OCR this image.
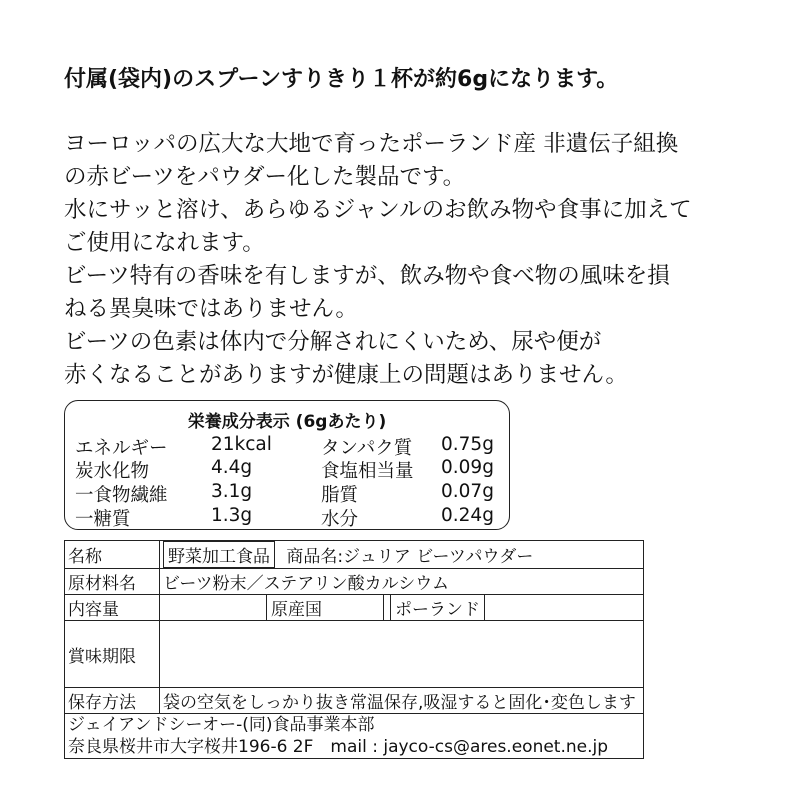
付属(袋内)のスプーンすりきり１杯が約6gになります。

ヨーロッパの広大な大地で育ったポーランド産 非遺伝子組換

の赤ビーツをパウダー化した製品です。

水にサッと溶け、あらゆるジャンルのお飲み物や食事に加えて

ご使用になれます。

ビーツ特有の香味を有しますが、飲み物や食べ物の風味を損

ねる異臭味ではありません。

ビーツの色素は体内で分解されにくいため、尿や便が

赤くなることがありますが健康上の問題はありません。

栄養成分表示 (6gあたり)
エネルギー 21kcal	タンパク質 0.75g
炭水化物	4.4g	食塩相当量 0.09g
一食物繊維 3.1g	脂質	0.07g
一糖質	1.3g	水分	0.24g
名称	野菜加工食品 商品名:ジュリア ビーツパウダー
原材料名	ビーツ粉末／ステアリン酸カルシウム
内容量	原産国 ポーランド

賞味期限	
保存方法	袋の空気をしっかり抜き常温保存,吸湿すると固化･変色します

ジェイアンドシーオー-(同)食品事業本部
奈良県桜井市大字桜井196-6 2F　mail : jayco-cs@ares.eonet.ne.jp	
